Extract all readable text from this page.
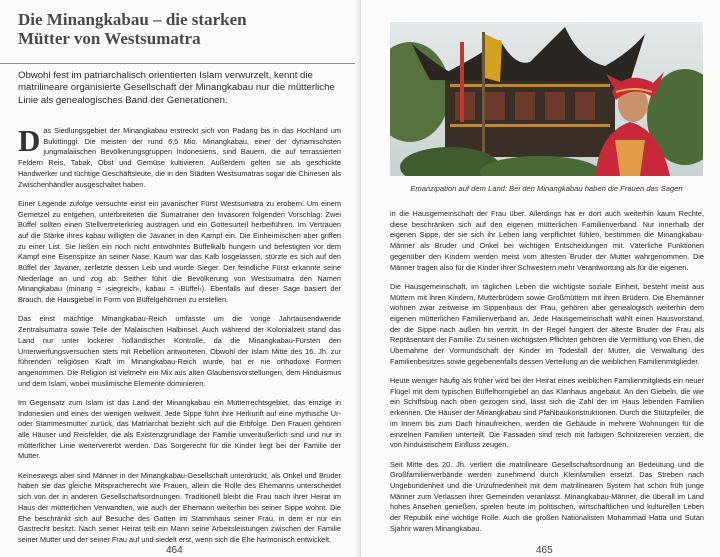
Die Minangkabau – die starken
Mütter von Westsumatra

Obwohl fest im patriarchalisch orientierten Islam verwurzelt, kennt die matrilineare organisierte Gesellschaft der Minangkabau nur die mütterliche Linie als genealogisches Band der Generationen.

Das Siedlungsgebiet der Minangkabau erstreckt sich von Padang bis in das Hochland um Bukittinggi. Die meisten der rund 6,5 Mio. Minangkabau, einer der dynamischsten jungmalaiischen Bevölkerungsgruppen Indonesiens, sind Bauern, die auf terrassierten Feldern Reis, Tabak, Obst und Gemüse kultivieren. Außerdem gelten sie als geschickte Handwerker und tüchtige Geschäftsleute, die in den Städten Westsumatras sogar die Chinesen als Zwischenhändler ausgeschaltet haben.

Einer Legende zufolge versuchte einst ein javanischer Fürst Westsumatra zu erobern. Um einem Gemetzel zu entgehen, unterbreiteten die Sumatraner den Invasoren folgenden Vorschlag: Zwei Büffel sollten einen Stellvertreterkrieg austragen und ein Gottesurteil herbeiführen. Im Vertrauen auf die Stärke ihres kabau willigten die Javaner in den Kampf ein. Die Einheimischen aber griffen zu einer List. Sie ließen ein noch nicht entwöhntes Büffelkalb hungern und befestigten vor dem Kampf eine Eisenspitze an seiner Nase. Kaum war das Kalb losgelassen, stürzte es sich auf den Büffel der Javaner, zerfetzte dessen Leib und wurde Sieger. Der feindliche Fürst erkannte seine Niederlage an und zog ab. Seither führt die Bevölkerung von Westsumatra den Namen Minangkabau (minang = ›siegreich‹, kabau = ›Büffel‹). Ebenfalls auf dieser Sage basiert der Brauch, die Hausgiebel in Form von Büffelgehörnen zu erstellen.

Das einst mächtige Minangkabau-Reich umfasste um die vorige Jahrtausendwende Zentralsumatra sowie Teile der Malaiischen Halbinsel. Auch während der Kolonialzeit stand das Land nur unter lockerer holländischer Kontrolle, da die Minangkabau-Fürsten den Unterwerfungsversuchen stets mit Rebellion antworteten. Obwohl der Islam Mitte des 16. Jh. zur führenden religiösen Kraft im Minangkabau-Reich wurde, hat er nie orthodoxe Formen angenommen. Die Religion ist vielmehr ein Mix aus alten Glaubensvorstellungen, dem Hinduismus und dem Islam, wobei muslimische Elemente dominieren.

Im Gegensatz zum Islam ist das Land der Minangkabau ein Mutterrechtsgebiet, das einzige in Indonesien und eines der wenigen weltweit. Jede Sippe führt ihre Herkunft auf eine mythische Ur- oder Stammesmutter zurück, das Matriarchat bezieht sich auf die Erbfolge. Den Frauen gehören alle Häuser und Reisfelder, die als Existenzgrundlage der Familie unveräußerlich sind und nur in mütterlicher Linie weitervererbt werden. Das Sorgerecht für die Kinder liegt bei der Familie der Mutter.

Keineswegs aber sind Männer in der Minangkabau-Gesellschaft unterdrückt, als Onkel und Bruder haben sie das gleiche Mitspracherecht wie Frauen, allein die Rolle des Ehemanns unterscheidet sich von der in anderen Gesellschaftsordnungen. Traditionell bleibt die Frau nach ihrer Heirat im Haus der mütterlichen Verwandten, wie auch der Ehemann weiterhin bei seiner Sippe wohnt. Die Ehe beschränkt sich auf Besuche des Gatten im Stammhaus seiner Frau, in dem er nur ein Gastrecht besitzt. Nach seiner Heirat teilt ein Mann seine Arbeitsleistungen zwischen der Familie seiner Mutter und der seiner Frau auf und siedelt erst, wenn sich die Ehe harmonisch entwickelt,

464
Emanzipation auf dem Land: Bei den Minangkabau haben die Frauen das Sagen

in die Hausgemeinschaft der Frau über. Allerdings hat er dort auch weiterhin kaum Rechte, diese beschränken sich auf den eigenen mütterlichen Familienverband. Nur innerhalb der eigenen Sippe, der sie sich ihr Leben lang verpflichtet fühlen, bestimmen die Minangkabau-Männer als Bruder und Onkel bei wichtigen Entscheidungen mit. Väterliche Funktionen gegenüber den Kindern werden meist vom ältesten Bruder der Mutter wahrgenommen. Die Männer tragen also für die Kinder ihrer Schwestern mehr Verantwortung als für die eigenen.

Die Hausgemeinschaft, im täglichen Leben die wichtigste soziale Einheit, besteht meist aus Müttern mit ihren Kindern, Mutterbrüdern sowie Großmüttern mit ihren Brüdern. Die Ehemänner wohnen zwar zeitweise im Sippenhaus der Frau, gehören aber genealogisch weiterhin dem eigenen mütterlichen Familienverband an. Jede Hausgemeinschaft wählt einen Hausvorstand, der die Sippe nach außen hin vertritt. In der Regel fungiert der älteste Bruder der Frau als Repräsentant der Familie. Zu seinen wichtigsten Pflichten gehören die Vermittlung von Ehen, die Übernahme der Vormundschaft der Kinder im Todesfall der Mutter, die Verwaltung des Familienbesitzes sowie gegebenenfalls dessen Verteilung an die weiblichen Familienmitglieder.

Heute weniger häufig als früher wird bei der Heirat eines weiblichen Familienmitglieds ein neuer Flügel mit dem typischen Büffelhorngiebel an das Klanhaus angebaut. An den Giebeln, die wie ein Schiffsbug nach oben gezogen sind, lässt sich die Zahl der im Haus lebenden Familien erkennen. Die Häuser der Minangkabau sind Pfahlbaukonstruktionen. Durch die Stützpfeiler, die im Innern bis zum Dach hinaufreichen, werden die Gebäude in mehrere Wohnungen für die einzelnen Familien unterteilt. Die Fassaden sind reich mit farbigen Schnitzereien verziert, die von hinduistischem Einfluss zeugen.

Seit Mitte des 20. Jh. verliert die matrilineare Gesellschaftsordnung an Bedeutung und die Großfamilienverbände werden zunehmend durch Kleinfamilien ersetzt. Das Streben nach Ungebundenheit und die Unzufriedenheit mit dem matrilinearen System hat schon früh junge Männer zum Verlassen ihrer Gemeinden veranlasst. Minangkabau-Männer, die überall im Land hohes Ansehen genießen, spielen heute im politischen, wirtschaftlichen und kulturellen Leben der Republik eine wichtige Rolle. Auch die großen Nationalisten Mohammad Hatta und Sutan Sjahrir waren Minangkabau.

465
